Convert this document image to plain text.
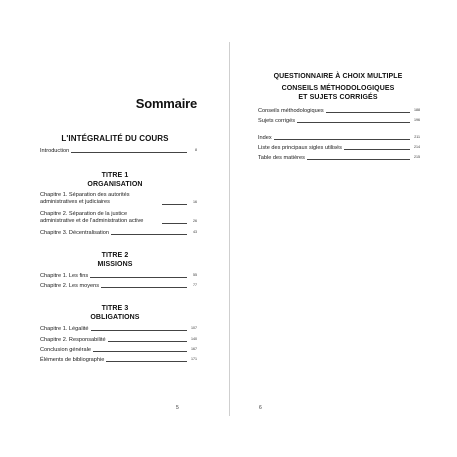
Sommaire
L'INTÉGRALITÉ DU COURS
Introduction	8
TITRE 1
ORGANISATION
Chapitre 1. Séparation des autorités administratives et judiciaires	16
Chapitre 2. Séparation de la justice administrative et de l'administration active	26
Chapitre 3. Décentralisation	43
TITRE 2
MISSIONS
Chapitre 1. Les fins	55
Chapitre 2. Les moyens	77
TITRE 3
OBLIGATIONS
Chapitre 1. Légalité	107
Chapitre 2. Responsabilité	140
Conclusion générale	167
Éléments de bibliographie	171
5
QUESTIONNAIRE À CHOIX MULTIPLE
CONSEILS MÉTHODOLOGIQUES
ET SUJETS CORRIGÉS
Conseils méthodologiques	188
Sujets corrigés	196
Index	211
Liste des principaux sigles utilisés	214
Table des matières	215
6
